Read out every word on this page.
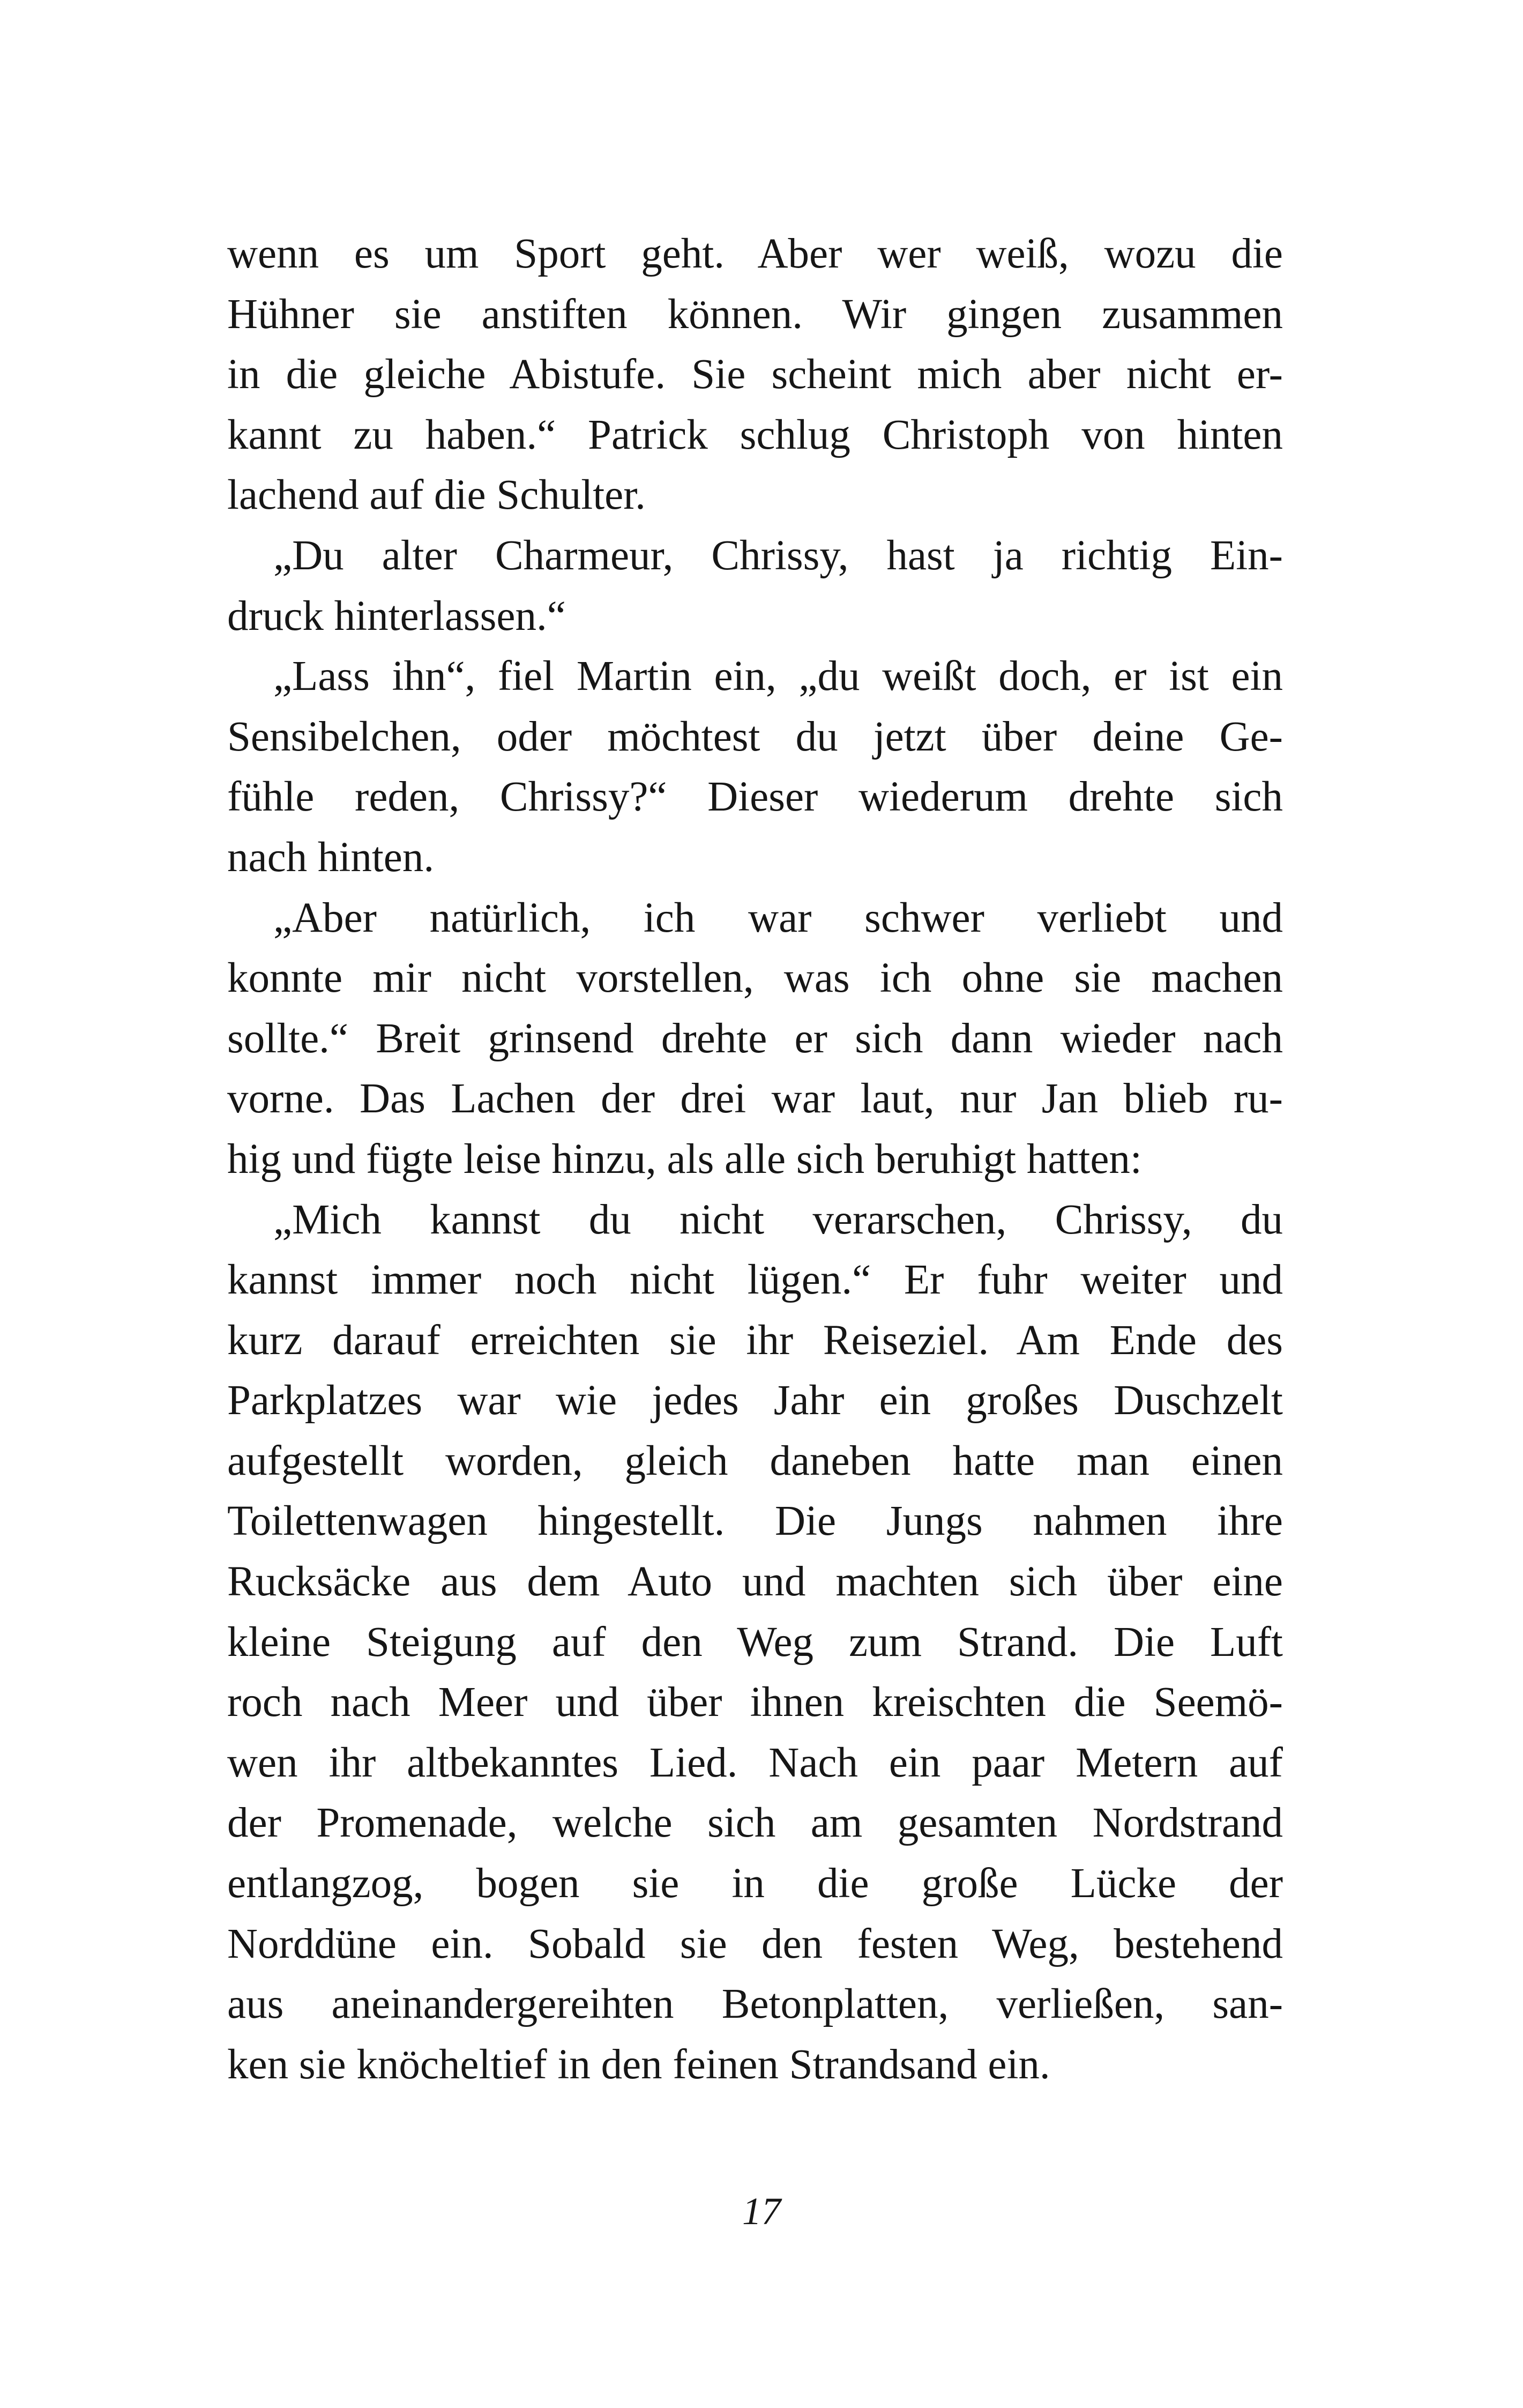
wenn es um Sport geht. Aber wer weiß, wozu die
Hühner sie anstiften können. Wir gingen zusammen
in die gleiche Abistufe. Sie scheint mich aber nicht er-
kannt zu haben.“ Patrick schlug Christoph von hinten
lachend auf die Schulter.
„Du alter Charmeur, Chrissy, hast ja richtig Ein-
druck hinterlassen.“
„Lass ihn“, fiel Martin ein, „du weißt doch, er ist ein
Sensibelchen, oder möchtest du jetzt über deine Ge-
fühle reden, Chrissy?“ Dieser wiederum drehte sich
nach hinten.
„Aber natürlich, ich war schwer verliebt und
konnte mir nicht vorstellen, was ich ohne sie machen
sollte.“ Breit grinsend drehte er sich dann wieder nach
vorne. Das Lachen der drei war laut, nur Jan blieb ru-
hig und fügte leise hinzu, als alle sich beruhigt hatten:
„Mich kannst du nicht verarschen, Chrissy, du
kannst immer noch nicht lügen.“ Er fuhr weiter und
kurz darauf erreichten sie ihr Reiseziel. Am Ende des
Parkplatzes war wie jedes Jahr ein großes Duschzelt
aufgestellt worden, gleich daneben hatte man einen
Toilettenwagen hingestellt. Die Jungs nahmen ihre
Rucksäcke aus dem Auto und machten sich über eine
kleine Steigung auf den Weg zum Strand. Die Luft
roch nach Meer und über ihnen kreischten die Seemö-
wen ihr altbekanntes Lied. Nach ein paar Metern auf
der Promenade, welche sich am gesamten Nordstrand
entlangzog, bogen sie in die große Lücke der
Norddüne ein. Sobald sie den festen Weg, bestehend
aus aneinandergereihten Betonplatten, verließen, san-
ken sie knöcheltief in den feinen Strandsand ein.
17
